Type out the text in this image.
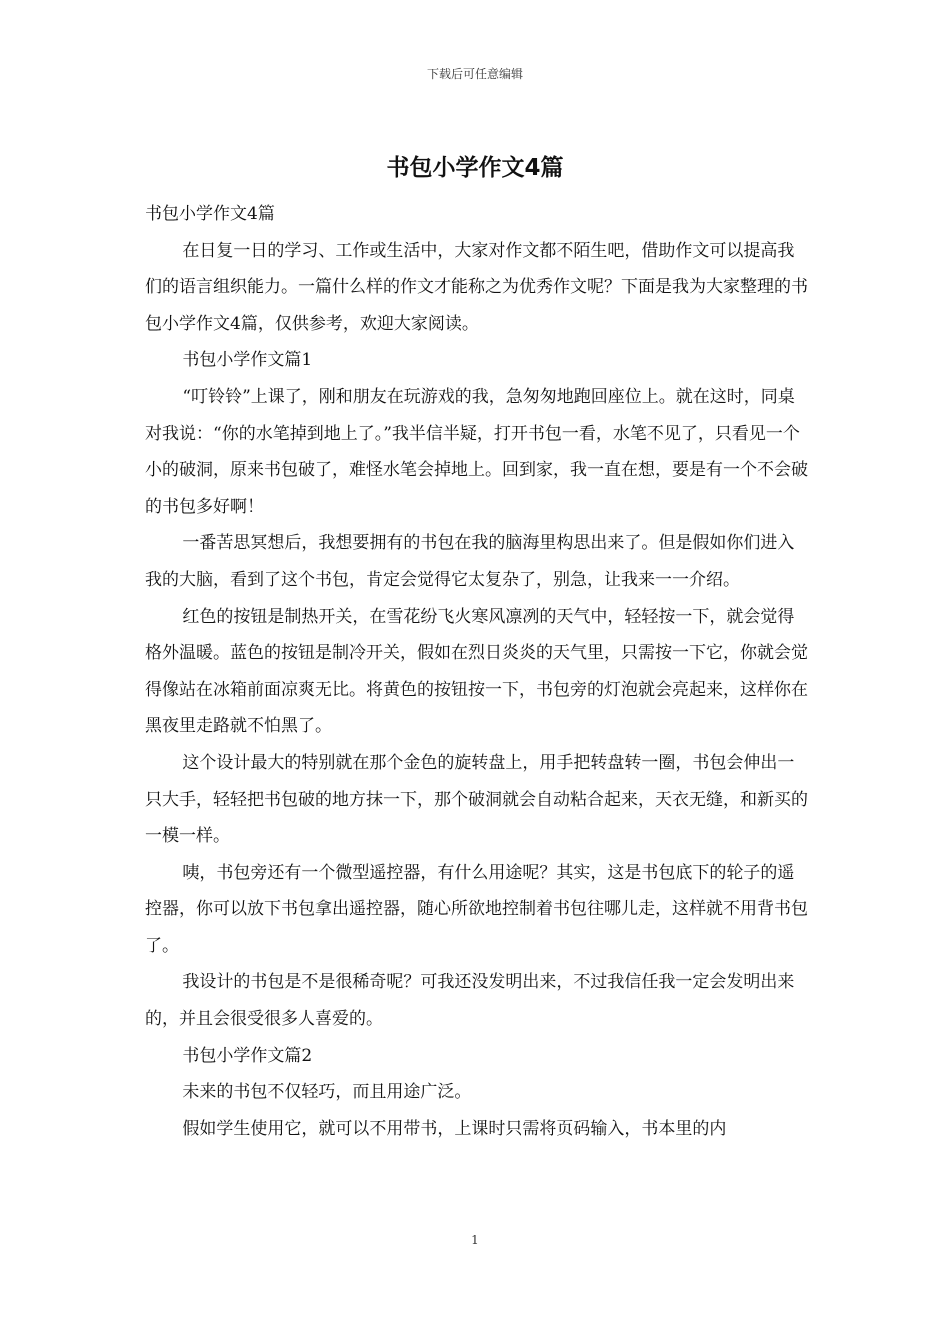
下载后可任意编辑
书包小学作文4篇

书包小学作文4篇

在日复一日的学习、工作或生活中，大家对作文都不陌生吧，借助作文可以提高我们的语言组织能力。一篇什么样的作文才能称之为优秀作文呢？下面是我为大家整理的书包小学作文4篇，仅供参考，欢迎大家阅读。

书包小学作文篇1

“叮铃铃”上课了，刚和朋友在玩游戏的我，急匆匆地跑回座位上。就在这时，同桌对我说：“你的水笔掉到地上了。”我半信半疑，打开书包一看，水笔不见了，只看见一个小的破洞，原来书包破了，难怪水笔会掉地上。回到家，我一直在想，要是有一个不会破的书包多好啊！

一番苦思冥想后，我想要拥有的书包在我的脑海里构思出来了。但是假如你们进入我的大脑，看到了这个书包，肯定会觉得它太复杂了，别急，让我来一一介绍。

红色的按钮是制热开关，在雪花纷飞火寒风凛冽的天气中，轻轻按一下，就会觉得格外温暖。蓝色的按钮是制冷开关，假如在烈日炎炎的天气里，只需按一下它，你就会觉得像站在冰箱前面凉爽无比。将黄色的按钮按一下，书包旁的灯泡就会亮起来，这样你在黑夜里走路就不怕黑了。

这个设计最大的特别就在那个金色的旋转盘上，用手把转盘转一圈，书包会伸出一只大手，轻轻把书包破的地方抹一下，那个破洞就会自动粘合起来，天衣无缝，和新买的一模一样。

咦，书包旁还有一个微型遥控器，有什么用途呢？其实，这是书包底下的轮子的遥控器，你可以放下书包拿出遥控器，随心所欲地控制着书包往哪儿走，这样就不用背书包了。

我设计的书包是不是很稀奇呢？可我还没发明出来，不过我信任我一定会发明出来的，并且会很受很多人喜爱的。

书包小学作文篇2

未来的书包不仅轻巧，而且用途广泛。

假如学生使用它，就可以不用带书，上课时只需将页码输入，书本里的内

1
